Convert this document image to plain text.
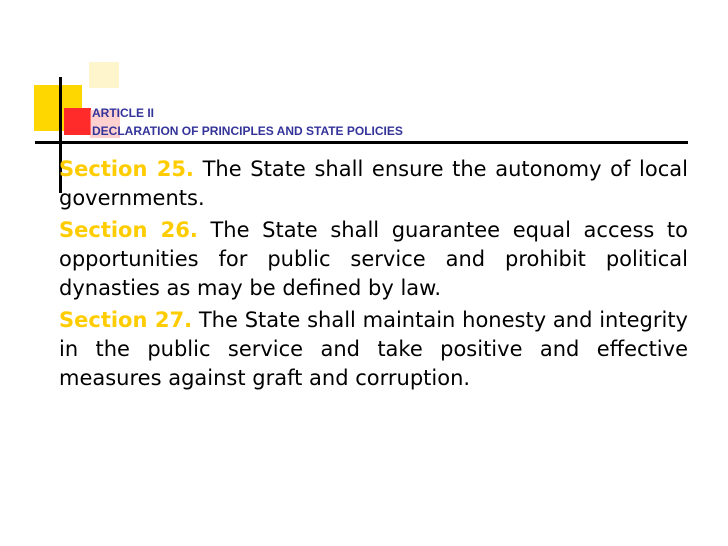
ARTICLE II
DECLARATION OF PRINCIPLES AND STATE POLICIES

Section 25. The State shall ensure the autonomy of local governments.

Section 26. The State shall guarantee equal access to opportunities for public service and prohibit political dynasties as may be defined by law.

Section 27. The State shall maintain honesty and integrity in the public service and take positive and effective measures against graft and corruption.
